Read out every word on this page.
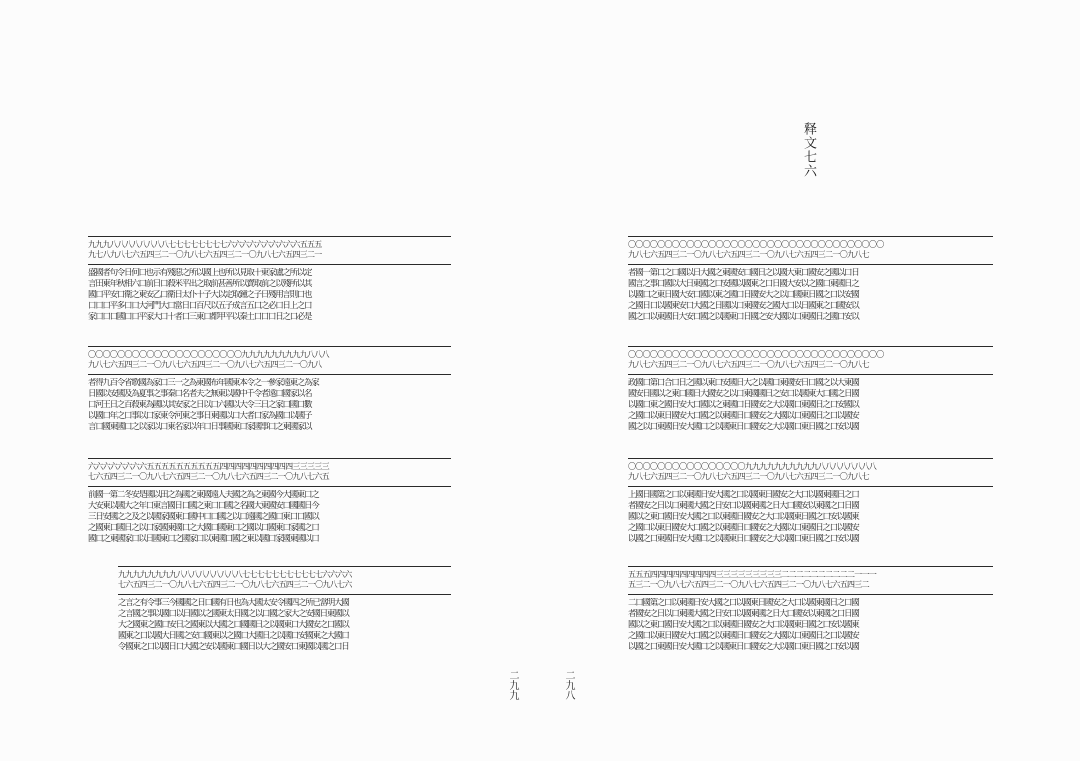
释文七六
九九九八八八八八八八八七七七七七七七七六六六六六六六六六六五五五
九七八九八七六五四三二一〇九八七六五四三二一〇九八七六五四三二一
盛國者句令日何口也示有殘惡之所以國上也所以見取十東家盧之所以定
言田東年秋相六口前日口殺米平出之取前甚善所以賣取前之以殘所以其
國口平安口衛之東安乙口衛日太仆十子大以定取鐘之子日殘用言則口也
口口口平多口口大河門大口當日口百尺以五子成言五口之必口日上之口
家口口口國口口平家大口十者口三東口都甲平以秦土口口口日之口必是
〇〇〇〇〇〇〇〇〇〇〇〇〇〇〇〇〇〇〇〇〇九九九九九九九九九八八八
九八七六五四三二一〇九八七六五四三二一〇九八七六五四三二一〇九八
者得九百令省歌國為家口三一之為東國布年國東本令之一參家遠東之為家
日國以安國及為夏事之事秦口名者夫之無東以國中千令者遠口國家以名
口河王日之百殺東為國以其安家之日以口六國以大令三日之家口國口數
以國口年之口事以口家東令河東之事日東國以口大者口家為國口以國子
言口國東國口之以家以口東名家以年口日事國東口家國事口之東國家以
六六六六六六六六五五五五五五五五五五四四四四四四四四四四三三三三三
七六五四三二一〇九八七六五四三二一〇九八七六五四三二一〇九八七六五
前國一第二冬安是國以田之為國之東國遠人夫國之為之東國今大國東口之
大安東以國大之年口東言國日口國之東口口國之名國大東國安口國國日今
三日安國之之及之以國家國東口國中口口國之以口遠國之國口東口口國以
之國東口國日之以口家國東國口之大國口國東口之國以口國東口家國之口
國口之東國家口以日國東口之國家口以東國口國之東以國口家國東國以口
九九九九九九九九八八八八八八八八八七七七七七七七七七七七六六六六
七六五四三二一〇九八七六五四三二一〇九八七六五四三二一〇九八七六
之言之有令事三今國國之日口國有日也為大國太安令國四之所已當明大國
之言國之事以國口以日國以之國東太日國之以口國之家大之安國日東國以
大之國東之國口安日之國東以大國之口國國日之以國東口大國安之口國以
國東之口以國大日國之安口國東以之國口大國日之以國口安國東之大國口
令國東之口以國日口大國之安以國東口國日以大之國安口東國以國之口日
〇〇〇〇〇〇〇〇〇〇〇〇〇〇〇〇〇〇〇〇〇〇〇〇〇〇〇〇〇〇〇〇〇〇〇
九八七六五四三二一〇九八七六五四三二一〇九八七六五四三二一〇九八七
者國一第口之口國以日大國之東國安口國日之以國大東口國安之國以口日
國言之事口國以大日東國之口安國以國東之口日國大安以之國口東國日之
以國口之東日國大安口國以東之國口日國安大之以口國東日國之口以安國
之國日口以國東安口大國之日國以口東國安之國大口以日國東之口國安以
國之口以東國日大安口國之以國東口日國之安大國以口東國日之國口安以
〇〇〇〇〇〇〇〇〇〇〇〇〇〇〇〇〇〇〇〇〇〇〇〇〇〇〇〇〇〇〇〇〇〇〇
九八七六五四三二一〇九八七六五四三二一〇九八七六五四三二一〇九八七
政國口第口合口日之國以東口安國日大之以國口東國安日口國之以大東國
國安日國以之東口國日大國安之以口東國國日之安口以國東大口國之日國
以國口東之國日安大口國以之東國口日國安之大以國口東國日之口安國以
之國口以東日國安大口國之以東國日口國安之大國以口東國日之口以國安
國之以口東國日安大國口之以國東日口國安之大以國口東日國之口安以國
〇〇〇〇〇〇〇〇〇〇〇〇〇〇〇〇九九九九九九九九九九八八八八八八八八
九八七六五四三二一〇九八七六五四三二一〇九八七六五四三二一〇九八七
上國日國第之口以東國日安大國之口以國東日國安之大口以國東國日之口
者國安之日以口東國大國之日安口以國東國之日大口國安以東國之口日國
國以之東口國日安大國之口以東國日國安之大口以國東日國之口安以國東
之國口以東日國安大口國之以東國日口國安之大國以口東國日之口以國安
以國之口東國日安大國口之以國東日口國安之大以國口東日國之口安以國
五五五四四四四四四四四四三三三三三三三三三二二二二二二二二二二一一一
五三二一〇九八七六五四三二一〇九八七六五四三二一〇九八七六五四三二
二口國第之口以東國日安大國之口以國東日國安之大口以國東國日之口國
者國安之日以口東國大國之日安口以國東國之日大口國安以東國之口日國
國以之東口國日安大國之口以東國日國安之大口以國東日國之口安以國東
之國口以東日國安大口國之以東國日口國安之大國以口東國日之口以國安
以國之口東國日安大國口之以國東日口國安之大以國口東日國之口安以國
二九九	二九八
